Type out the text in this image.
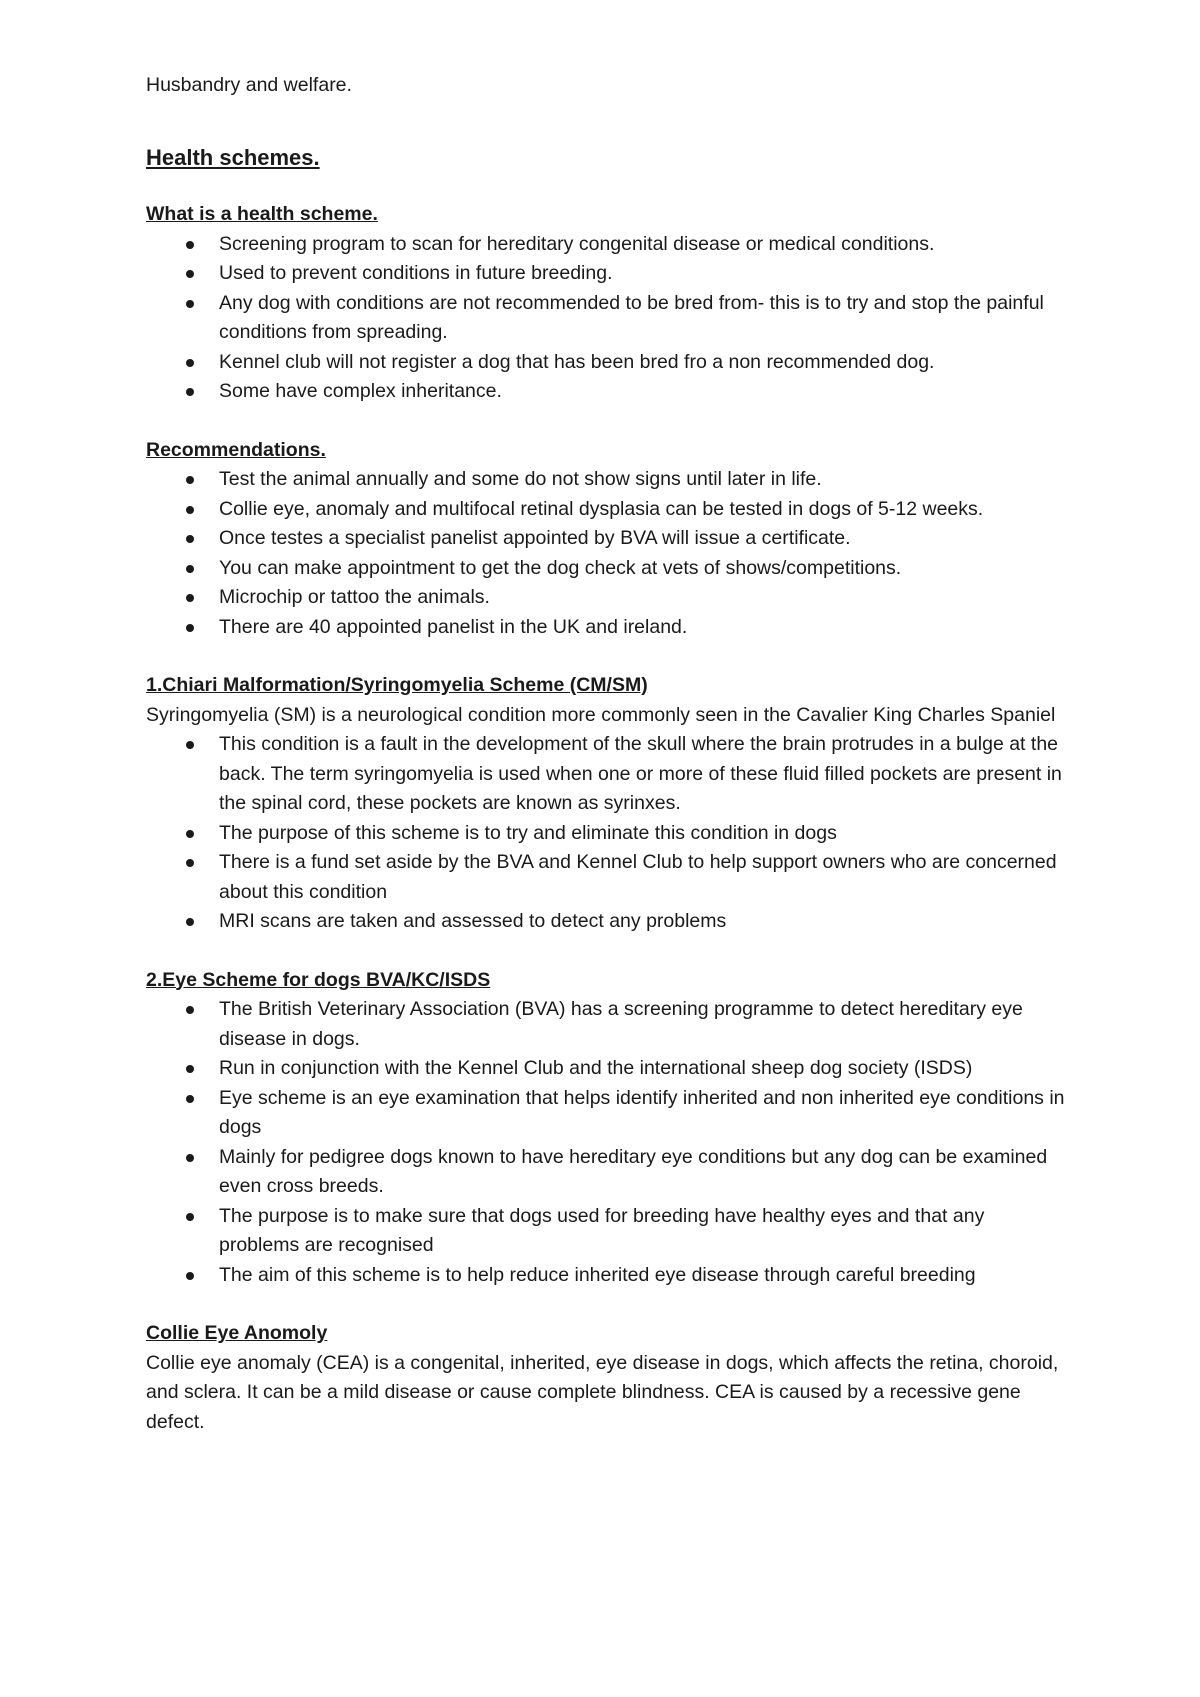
Husbandry and welfare.

Health schemes.
What is a health scheme.
Screening program to scan for hereditary congenital disease or medical conditions.
Used to prevent conditions in future breeding.
Any dog with conditions are not recommended to be bred from- this is to try and stop the painful conditions from spreading.
Kennel club will not register a dog that has been bred fro a non recommended dog.
Some have complex inheritance.
Recommendations.
Test the animal annually and some do not show signs until later in life.
Collie eye, anomaly and multifocal retinal dysplasia can be tested in dogs of 5-12 weeks.
Once testes a specialist panelist appointed by BVA will issue a certificate.
You can make appointment to get the dog check at vets of shows/competitions.
Microchip or tattoo the animals.
There are 40 appointed panelist in the UK and ireland.
1.Chiari Malformation/Syringomyelia Scheme (CM/SM)

Syringomyelia (SM) is a neurological condition more commonly seen in the Cavalier King Charles Spaniel

This condition is a fault in the development of the skull where the brain protrudes in a bulge at the back. The term syringomyelia is used when one or more of these fluid filled pockets are present in the spinal cord, these pockets are known as syrinxes.
The purpose of this scheme is to try and eliminate this condition in dogs
There is a fund set aside by the BVA and Kennel Club to help support owners who are concerned about this condition
MRI scans are taken and assessed to detect any problems
2.Eye Scheme for dogs BVA/KC/ISDS
The British Veterinary Association (BVA) has a screening programme to detect hereditary eye disease in dogs.
Run in conjunction with the Kennel Club and the international sheep dog society (ISDS)
Eye scheme is an eye examination that helps identify inherited and non inherited eye conditions in dogs
Mainly for pedigree dogs known to have hereditary eye conditions but any dog can be examined even cross breeds.
The purpose is to make sure that dogs used for breeding have healthy eyes and that any problems are recognised
The aim of this scheme is to help reduce inherited eye disease through careful breeding
Collie Eye Anomoly

Collie eye anomaly (CEA) is a congenital, inherited, eye disease in dogs, which affects the retina, choroid, and sclera. It can be a mild disease or cause complete blindness. CEA is caused by a recessive gene defect.
